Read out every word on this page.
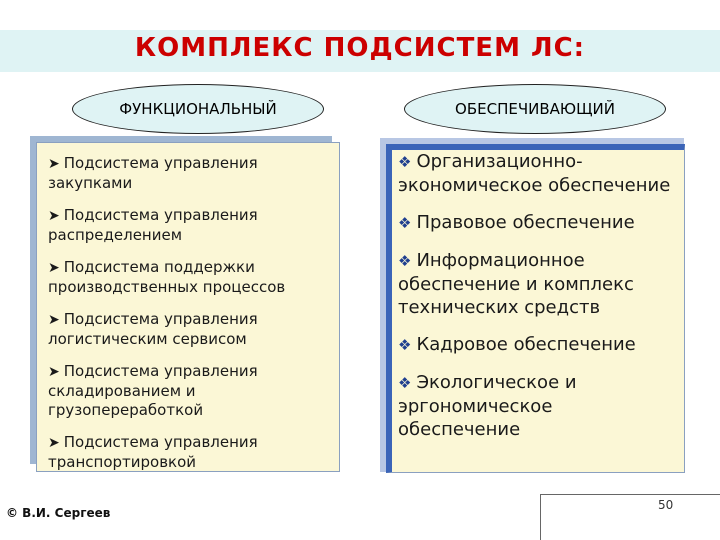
КОМПЛЕКС ПОДСИСТЕМ ЛС:
ФУНКЦИОНАЛЬНЫЙ	ОБЕСПЕЧИВАЮЩИЙ
➤ Подсистема управления закупками
➤ Подсистема управления распределением
➤ Подсистема поддержки производственных процессов
➤ Подсистема управления логистическим сервисом
➤ Подсистема управления складированием и грузопереработкой
➤ Подсистема управления транспортировкой
❖ Организационно-экономическое обеспечение
❖ Правовое обеспечение
❖ Информационное обеспечение и комплекс технических средств
❖ Кадровое обеспечение
❖ Экологическое и эргономическое обеспечение
© В.И. Сергеев
50
